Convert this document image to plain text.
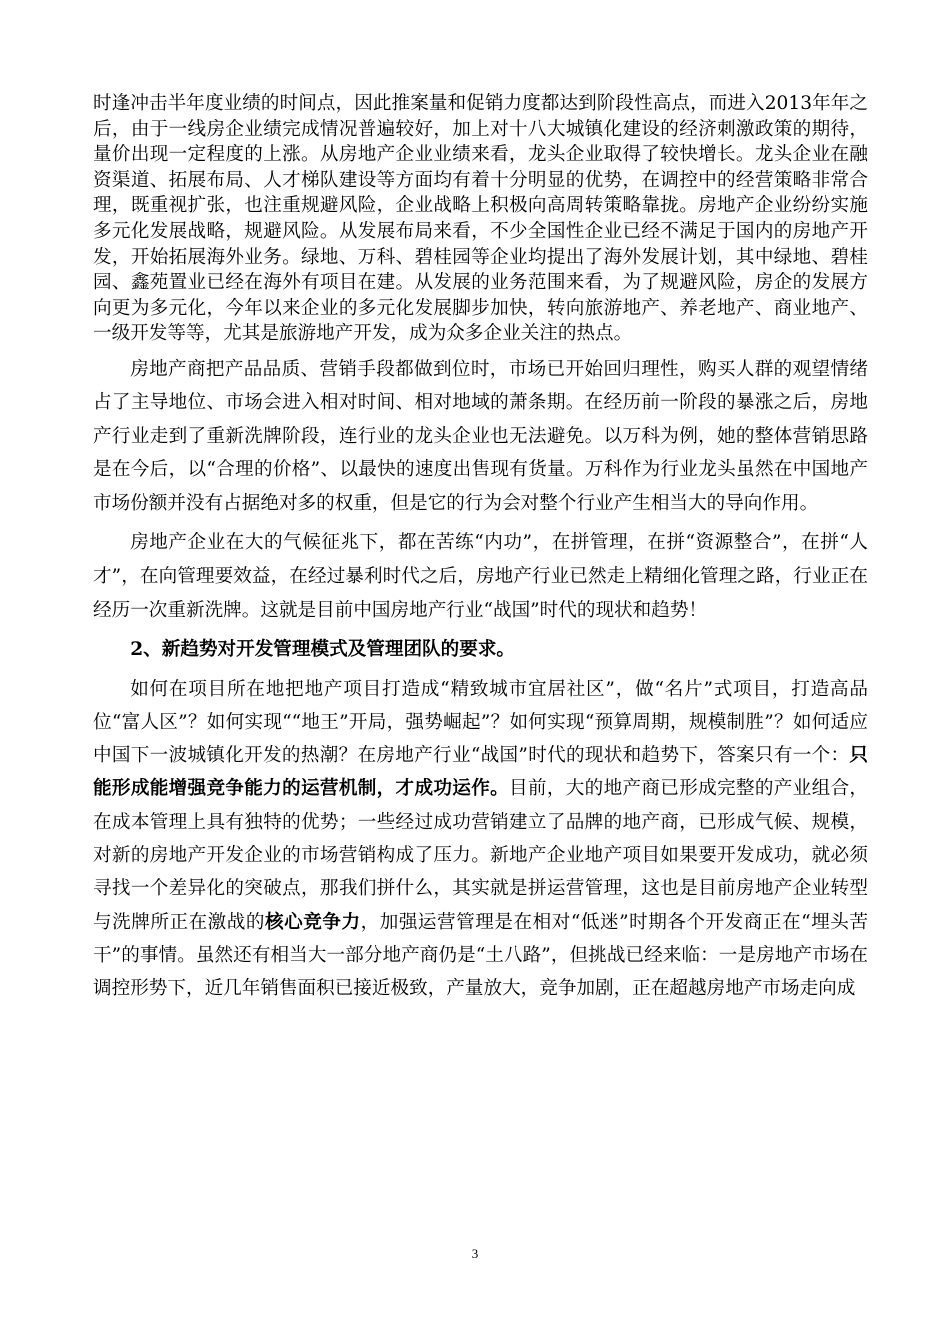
时逢冲击半年度业绩的时间点，因此推案量和促销力度都达到阶段性高点，而进入2013年年之后，由于一线房企业绩完成情况普遍较好，加上对十八大城镇化建设的经济刺激政策的期待，量价出现一定程度的上涨。从房地产企业业绩来看，龙头企业取得了较快增长。龙头企业在融资渠道、拓展布局、人才梯队建设等方面均有着十分明显的优势，在调控中的经营策略非常合理，既重视扩张，也注重规避风险，企业战略上积极向高周转策略靠拢。房地产企业纷纷实施多元化发展战略，规避风险。从发展布局来看，不少全国性企业已经不满足于国内的房地产开发，开始拓展海外业务。绿地、万科、碧桂园等企业均提出了海外发展计划，其中绿地、碧桂园、鑫苑置业已经在海外有项目在建。从发展的业务范围来看，为了规避风险，房企的发展方向更为多元化，今年以来企业的多元化发展脚步加快，转向旅游地产、养老地产、商业地产、一级开发等等，尤其是旅游地产开发，成为众多企业关注的热点。
房地产商把产品品质、营销手段都做到位时，市场已开始回归理性，购买人群的观望情绪占了主导地位、市场会进入相对时间、相对地域的萧条期。在经历前一阶段的暴涨之后，房地产行业走到了重新洗牌阶段，连行业的龙头企业也无法避免。以万科为例，她的整体营销思路是在今后，以“合理的价格”、以最快的速度出售现有货量。万科作为行业龙头虽然在中国地产市场份额并没有占据绝对多的权重，但是它的行为会对整个行业产生相当大的导向作用。
房地产企业在大的气候征兆下，都在苦练“内功”，在拼管理，在拼“资源整合”，在拼“人才”，在向管理要效益，在经过暴利时代之后，房地产行业已然走上精细化管理之路，行业正在经历一次重新洗牌。这就是目前中国房地产行业“战国”时代的现状和趋势！
2、新趋势对开发管理模式及管理团队的要求。
如何在项目所在地把地产项目打造成“精致城市宜居社区”，做“名片”式项目，打造高品位“富人区”？如何实现““地王”开局，强势崛起”？如何实现“预算周期，规模制胜”？如何适应中国下一波城镇化开发的热潮？在房地产行业“战国”时代的现状和趋势下，答案只有一个：只能形成能增强竞争能力的运营机制，才成功运作。目前，大的地产商已形成完整的产业组合，在成本管理上具有独特的优势；一些经过成功营销建立了品牌的地产商，已形成气候、规模，对新的房地产开发企业的市场营销构成了压力。新地产企业地产项目如果要开发成功，就必须寻找一个差异化的突破点，那我们拼什么，其实就是拼运营管理，这也是目前房地产企业转型与洗牌所正在激战的核心竞争力，加强运营管理是在相对“低迷”时期各个开发商正在“埋头苦干”的事情。虽然还有相当大一部分地产商仍是“土八路”，但挑战已经来临：一是房地产市场在调控形势下，近几年销售面积已接近极致，产量放大，竞争加剧，正在超越房地产市场走向成
3
